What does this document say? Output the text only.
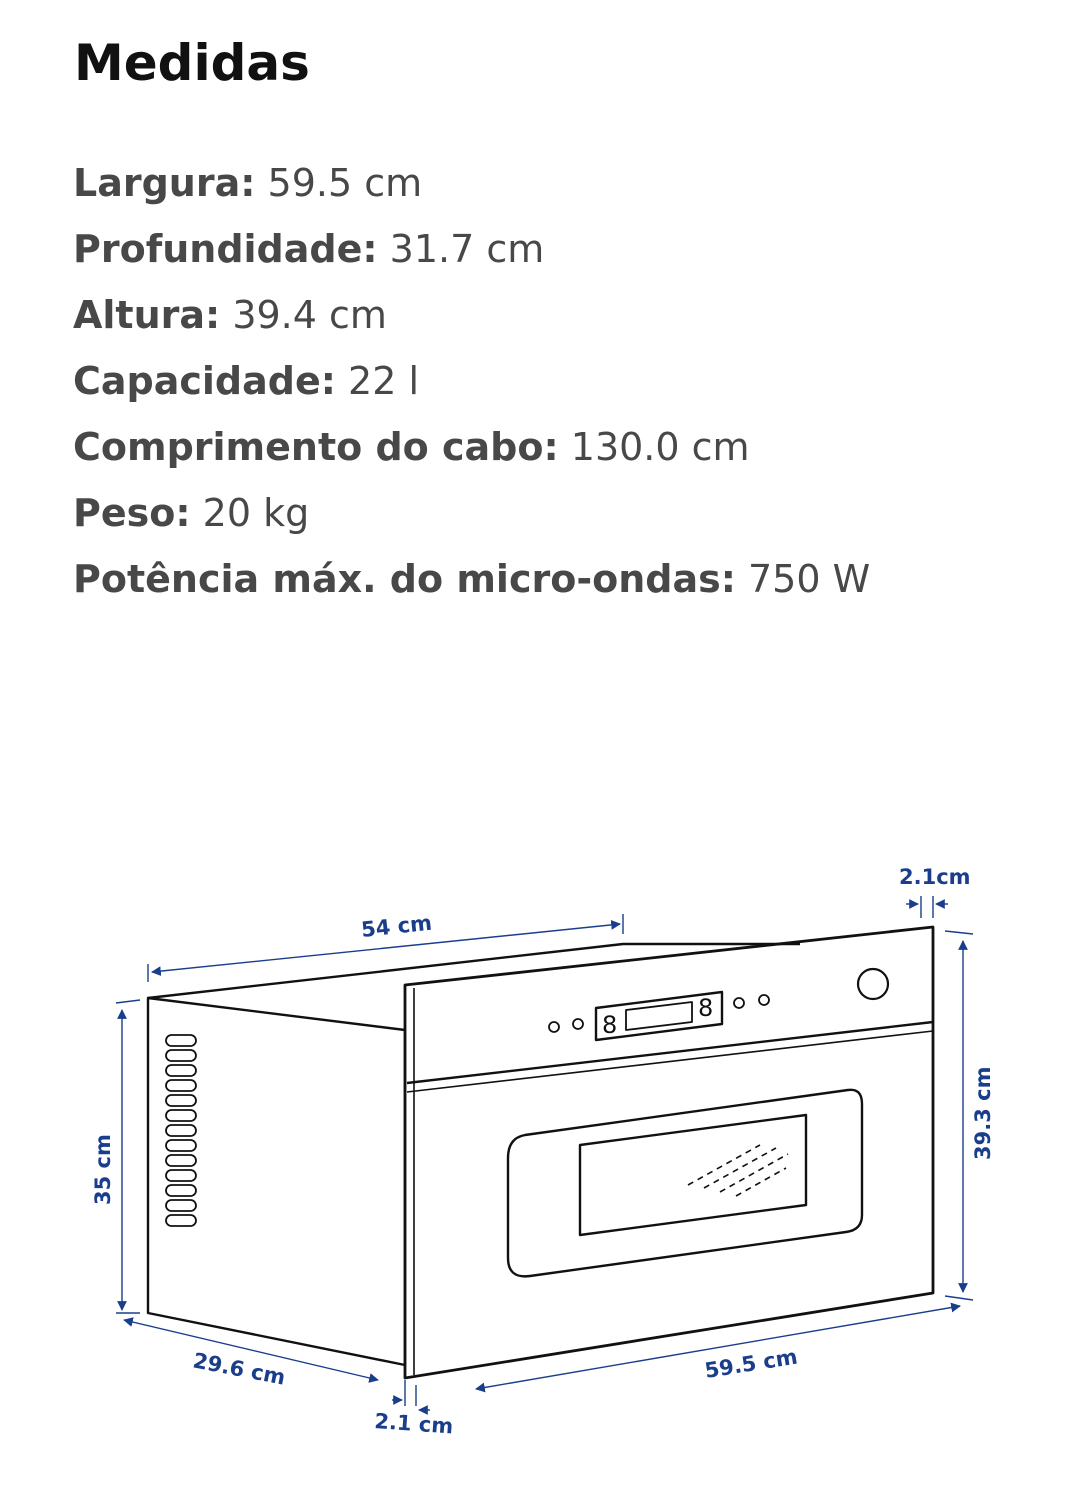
Medidas
Largura: 59.5 cm
Profundidade: 31.7 cm
Altura: 39.4 cm
Capacidade: 22 l
Comprimento do cabo: 130.0 cm
Peso: 20 kg
Potência máx. do micro-ondas: 750 W
8
8
54 cm
35 cm
39.3 cm
2.1cm
29.6 cm
2.1 cm
59.5 cm
